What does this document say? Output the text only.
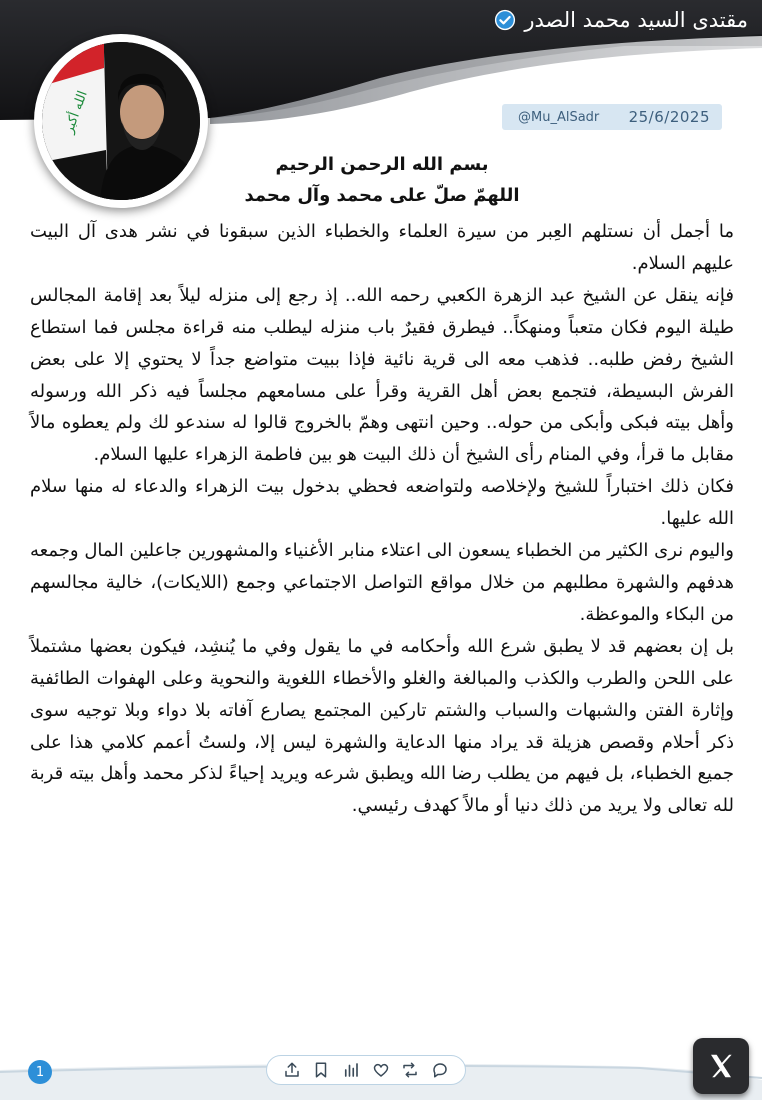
مقتدى السيد محمد الصدر
الله أكبر	@Mu_AlSadr 25/6/2025
بسم الله الرحمن الرحيم
اللهمّ صلّ على محمد وآل محمد

ما أجمل أن نستلهم العِبر من سيرة العلماء والخطباء الذين سبقونا في نشر هدى آل البيت عليهم السلام.

فإنه ينقل عن الشيخ عبد الزهرة الكعبي رحمه الله.. إذ رجع إلى منزله ليلاً بعد إقامة المجالس طيلة اليوم فكان متعباً ومنهكاً.. فيطرق فقيرٌ باب منزله ليطلب منه قراءة مجلس فما استطاع الشيخ رفض طلبه.. فذهب معه الى قرية نائية فإذا ببيت متواضع جداً لا يحتوي إلا على بعض الفرش البسيطة، فتجمع بعض أهل القرية وقرأ على مسامعهم مجلساً فيه ذكر الله ورسوله وأهل بيته فبكى وأبكى من حوله.. وحين انتهى وهمّ بالخروج قالوا له سندعو لك ولم يعطوه مالاً مقابل ما قرأ، وفي المنام رأى الشيخ أن ذلك البيت هو بين فاطمة الزهراء عليها السلام.

فكان ذلك اختباراً للشيخ ولإخلاصه ولتواضعه فحظي بدخول بيت الزهراء والدعاء له منها سلام الله عليها.

واليوم نرى الكثير من الخطباء يسعون الى اعتلاء منابر الأغنياء والمشهورين جاعلين المال وجمعه هدفهم والشهرة مطلبهم من خلال مواقع التواصل الاجتماعي وجمع (اللايكات)، خالية مجالسهم من البكاء والموعظة.

بل إن بعضهم قد لا يطبق شرع الله وأحكامه في ما يقول وفي ما يُنشِد، فيكون بعضها مشتملاً على اللحن والطرب والكذب والمبالغة والغلو والأخطاء اللغوية والنحوية وعلى الهفوات الطائفية وإثارة الفتن والشبهات والسباب والشتم تاركين المجتمع يصارع آفاته بلا دواء وبلا توجيه سوى ذكر أحلام وقصص هزيلة قد يراد منها الدعاية والشهرة ليس إلا، ولستُ أعمم كلامي هذا على جميع الخطباء، بل فيهم من يطلب رضا الله ويطبق شرعه ويريد إحياءً لذكر محمد وأهل بيته قربة لله تعالى ولا يريد من ذلك دنيا أو مالاً كهدف رئيسي.

1
